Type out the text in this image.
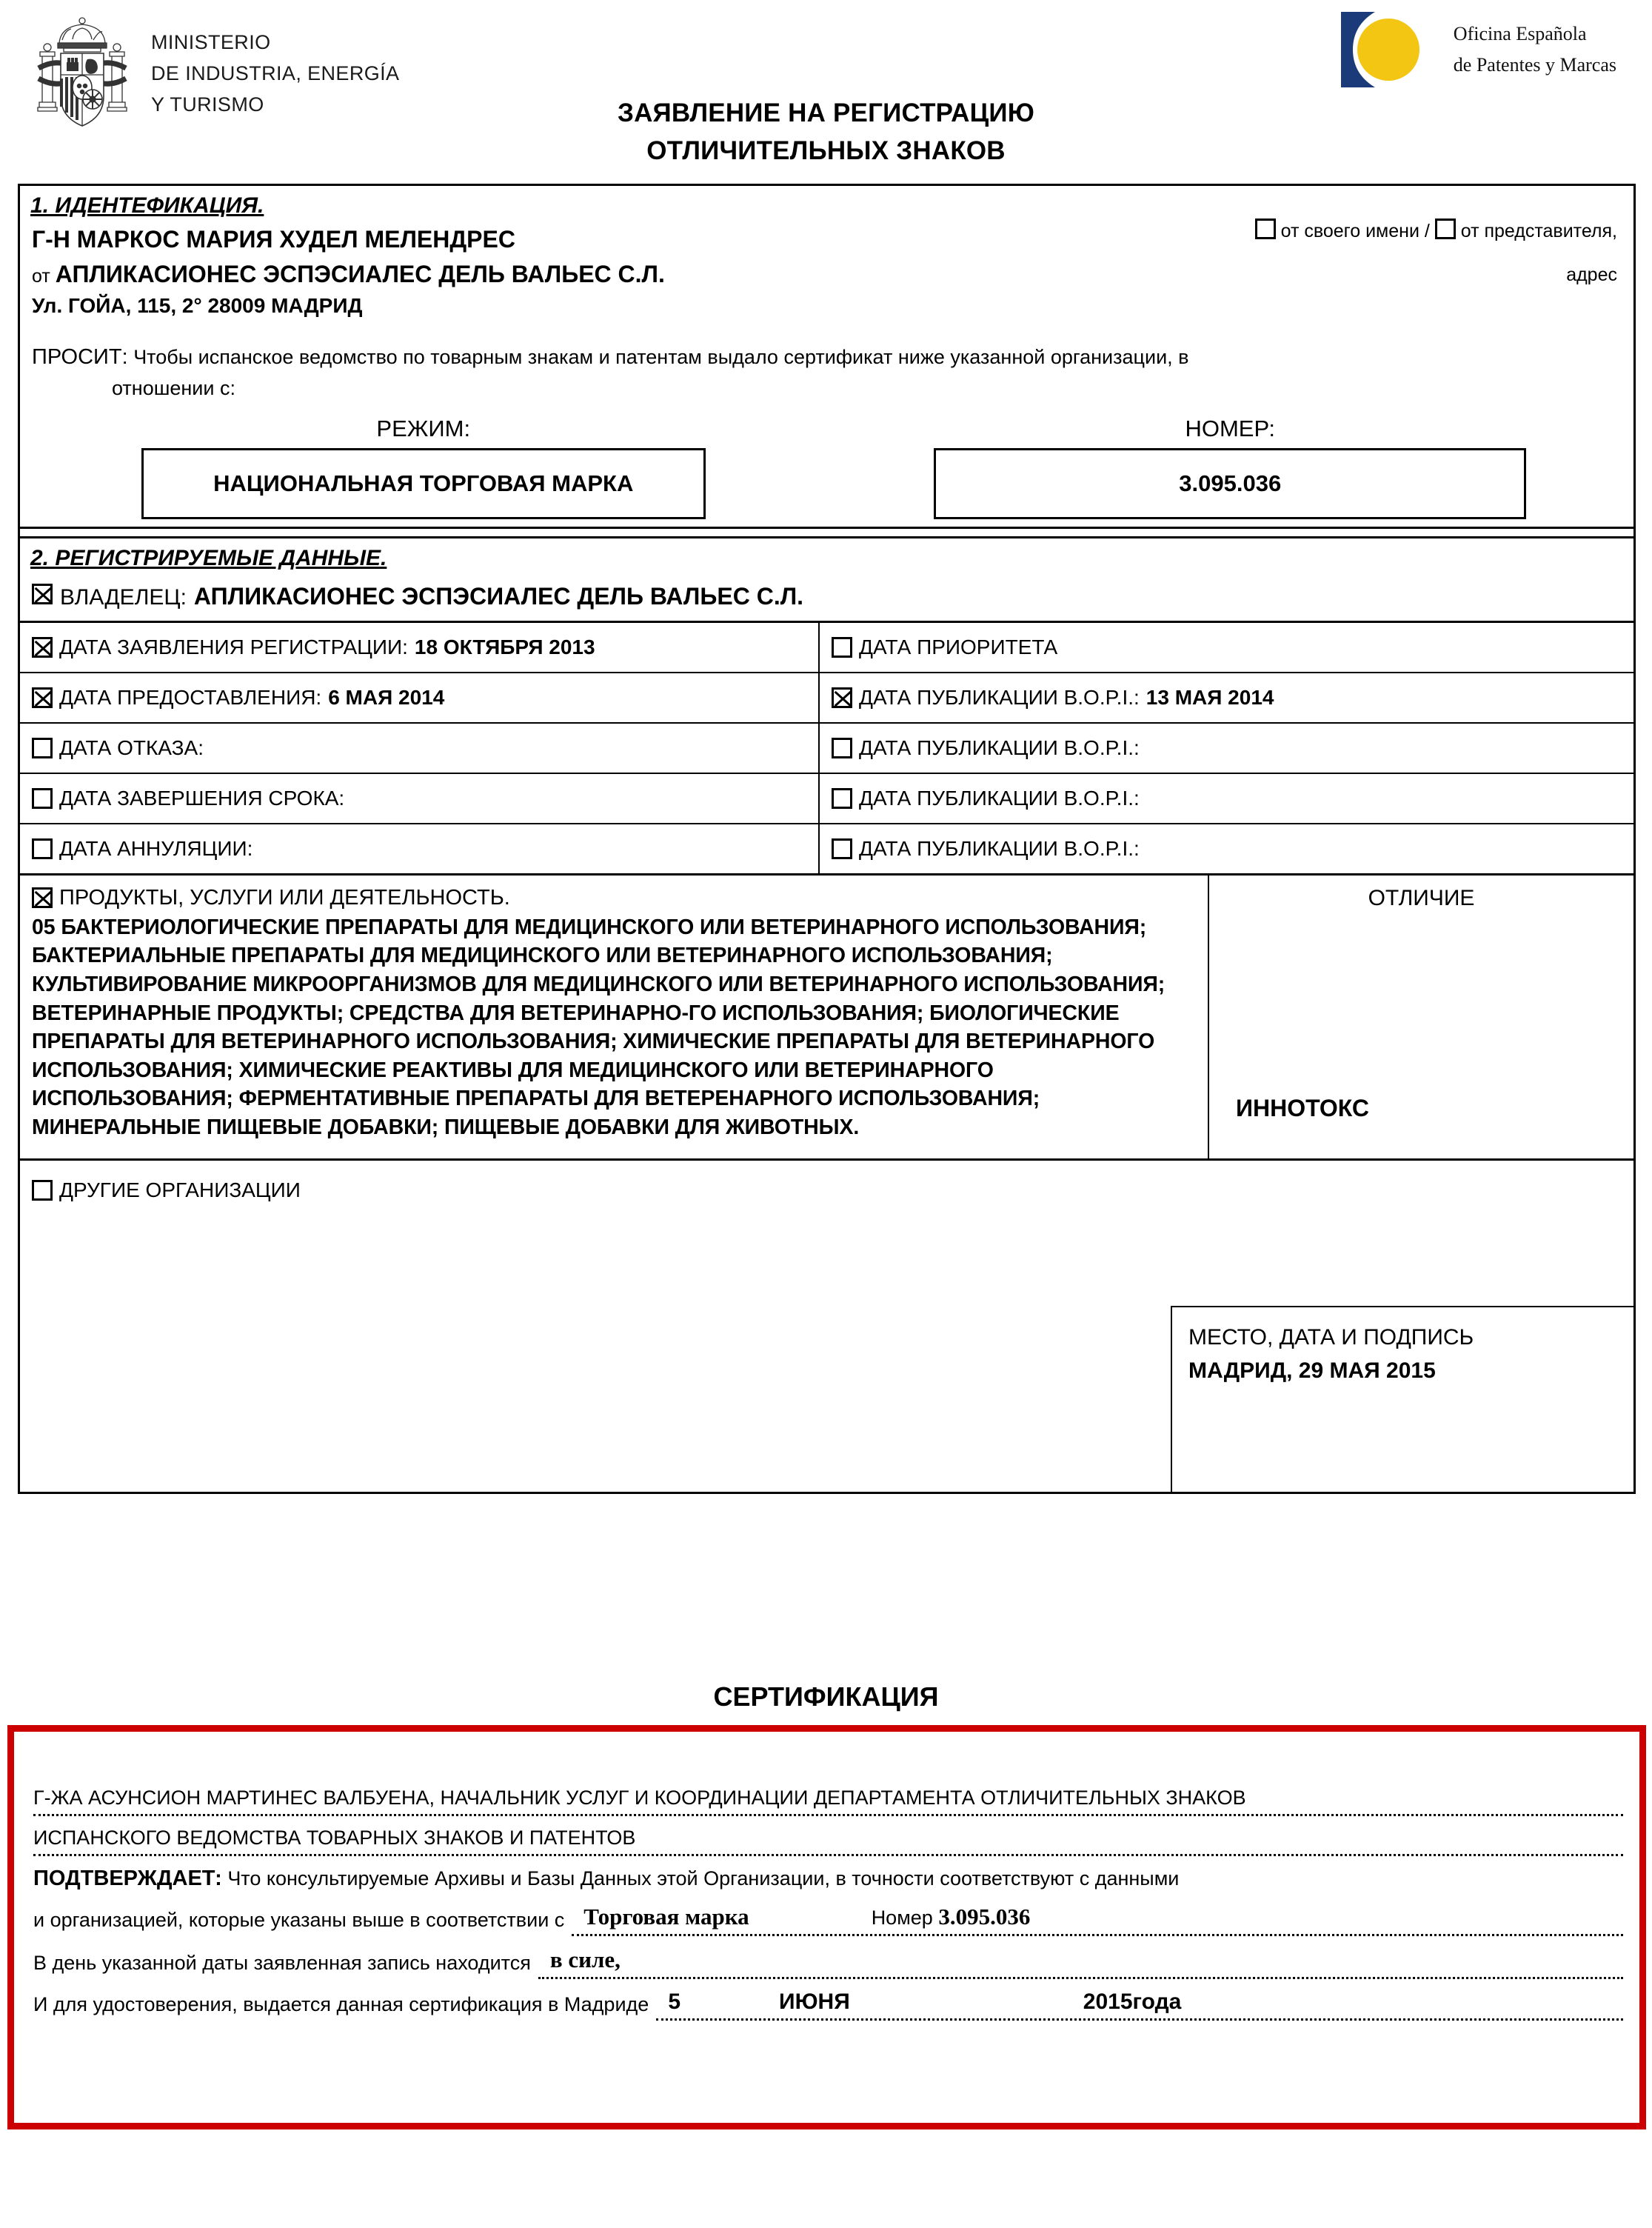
MINISTERIO
DE INDUSTRIA, ENERGÍA
Y TURISMO	ЗАЯВЛЕНИЕ НА РЕГИСТРАЦИЮ
ОТЛИЧИТЕЛЬНЫХ ЗНАКОВ
Oficina Española
de Patentes y Marcas
1. ИДЕНТЕФИКАЦИЯ.
Г-Н МАРКОС МАРИЯ ХУДЕЛ МЕЛЕНДРЕС
от АПЛИКАСИОНЕС ЭСПЭСИАЛЕС ДЕЛЬ ВАЛЬЕС С.Л.
Ул. ГОЙА, 115, 2° 28009 МАДРИД
от своего имени / от представителя,
адрес
ПРОСИТ: Чтобы испанское ведомство по товарным знакам и патентам выдало сертификат ниже указанной организации, в
отношении с:
РЕЖИМ:
НАЦИОНАЛЬНАЯ ТОРГОВАЯ МАРКА
НОМЕР:
3.095.036
2. РЕГИСТРИРУЕМЫЕ ДАННЫЕ.
ВЛАДЕЛЕЦ: АПЛИКАСИОНЕС ЭСПЭСИАЛЕС ДЕЛЬ ВАЛЬЕС С.Л.
ДАТА ЗАЯВЛЕНИЯ РЕГИСТРАЦИИ: 18 ОКТЯБРЯ 2013	ДАТА ПРИОРИТЕТА
ДАТА ПРЕДОСТАВЛЕНИЯ: 6 МАЯ 2014	ДАТА ПУБЛИКАЦИИ B.O.P.I.: 13 МАЯ 2014
ДАТА ОТКАЗА:	ДАТА ПУБЛИКАЦИИ B.O.P.I.:
ДАТА ЗАВЕРШЕНИЯ СРОКА:	ДАТА ПУБЛИКАЦИИ B.O.P.I.:
ДАТА АННУЛЯЦИИ:	ДАТА ПУБЛИКАЦИИ B.O.P.I.:
ПРОДУКТЫ, УСЛУГИ ИЛИ ДЕЯТЕЛЬНОСТЬ.
05 БАКТЕРИОЛОГИЧЕСКИЕ ПРЕПАРАТЫ ДЛЯ МЕДИЦИНСКОГО ИЛИ ВЕТЕРИНАРНОГО ИСПОЛЬЗОВАНИЯ; БАКТЕРИАЛЬНЫЕ ПРЕПАРАТЫ ДЛЯ МЕДИЦИНСКОГО ИЛИ ВЕТЕРИНАРНОГО ИСПОЛЬЗОВАНИЯ; КУЛЬТИВИРОВАНИЕ МИКРООРГАНИЗМОВ ДЛЯ МЕДИЦИНСКОГО ИЛИ ВЕТЕРИНАРНОГО ИСПОЛЬЗОВАНИЯ; ВЕТЕРИНАРНЫЕ ПРОДУКТЫ; СРЕДСТВА ДЛЯ ВЕТЕРИНАРНО-ГО ИСПОЛЬЗОВАНИЯ; БИОЛОГИЧЕСКИЕ ПРЕПАРАТЫ ДЛЯ ВЕТЕРИНАРНОГО ИСПОЛЬЗОВАНИЯ; ХИМИЧЕСКИЕ ПРЕПАРАТЫ ДЛЯ ВЕТЕРИНАРНОГО ИСПОЛЬЗОВАНИЯ; ХИМИЧЕСКИЕ РЕАКТИВЫ ДЛЯ МЕДИЦИНСКОГО ИЛИ ВЕТЕРИНАРНОГО ИСПОЛЬЗОВАНИЯ; ФЕРМЕНТАТИВНЫЕ ПРЕПАРАТЫ ДЛЯ ВЕТЕРЕНАРНОГО ИСПОЛЬЗОВАНИЯ; МИНЕРАЛЬНЫЕ ПИЩЕВЫЕ ДОБАВКИ; ПИЩЕВЫЕ ДОБАВКИ ДЛЯ ЖИВОТНЫХ.
ОТЛИЧИЕ
ИННОТОКС
ДРУГИЕ ОРГАНИЗАЦИИ
МЕСТО, ДАТА И ПОДПИСЬ
МАДРИД, 29 МАЯ 2015
СЕРТИФИКАЦИЯ
Г-ЖА АСУНСИОН МАРТИНЕС ВАЛБУЕНА, НАЧАЛЬНИК УСЛУГ И КООРДИНАЦИИ ДЕПАРТАМЕНТА ОТЛИЧИТЕЛЬНЫХ ЗНАКОВ
ИСПАНСКОГО ВЕДОМСТВА ТОВАРНЫХ ЗНАКОВ И ПАТЕНТОВ
ПОДТВЕРЖДАЕТ: Что консультируемые Архивы и Базы Данных этой Организации, в точности соответствуют с данными
и организацией, которые указаны выше в соответствии с Торговая марка	Номер 3.095.036
В день указанной даты заявленная запись находится в силе,
И для удостоверения, выдается данная сертификация в Мадриде 5	ИЮНЯ	2015года
